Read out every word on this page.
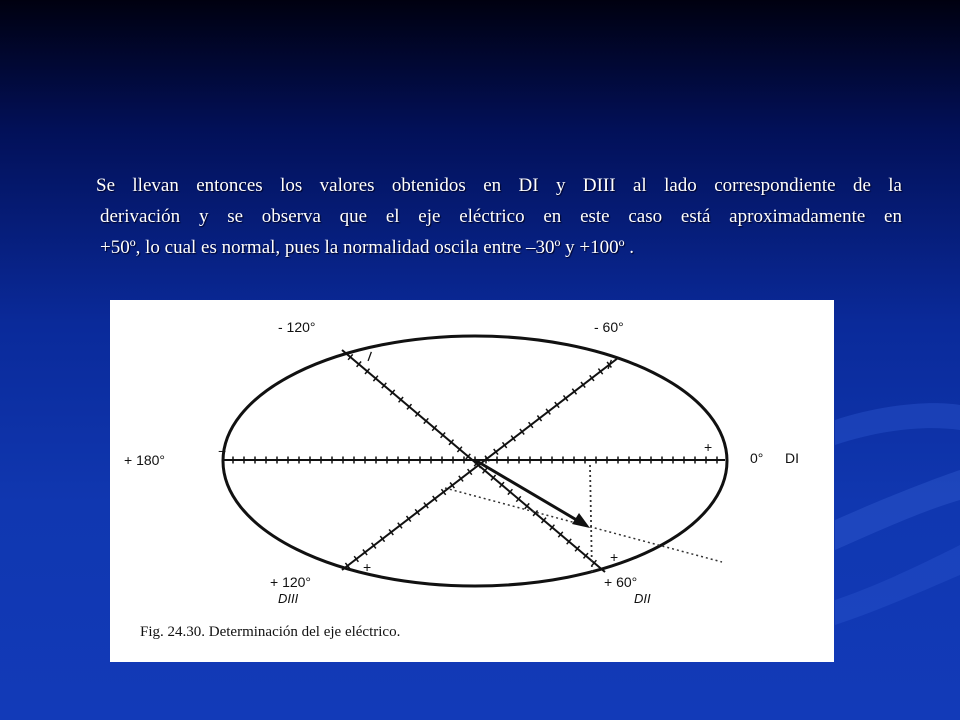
Se llevan entonces los valores obtenidos en DI y DIII al lado correspondiente de la
derivación y se observa que el eje eléctrico en este caso está aproximadamente en
+50º, lo cual es normal, pues la normalidad oscila entre –30º y +100º .
−	+
+
+
I	I
- 120°	- 60°
+ 180°	0° DI
+ 120°	+ 60°
DIII	DII
Fig. 24.30. Determinación del eje eléctrico.
